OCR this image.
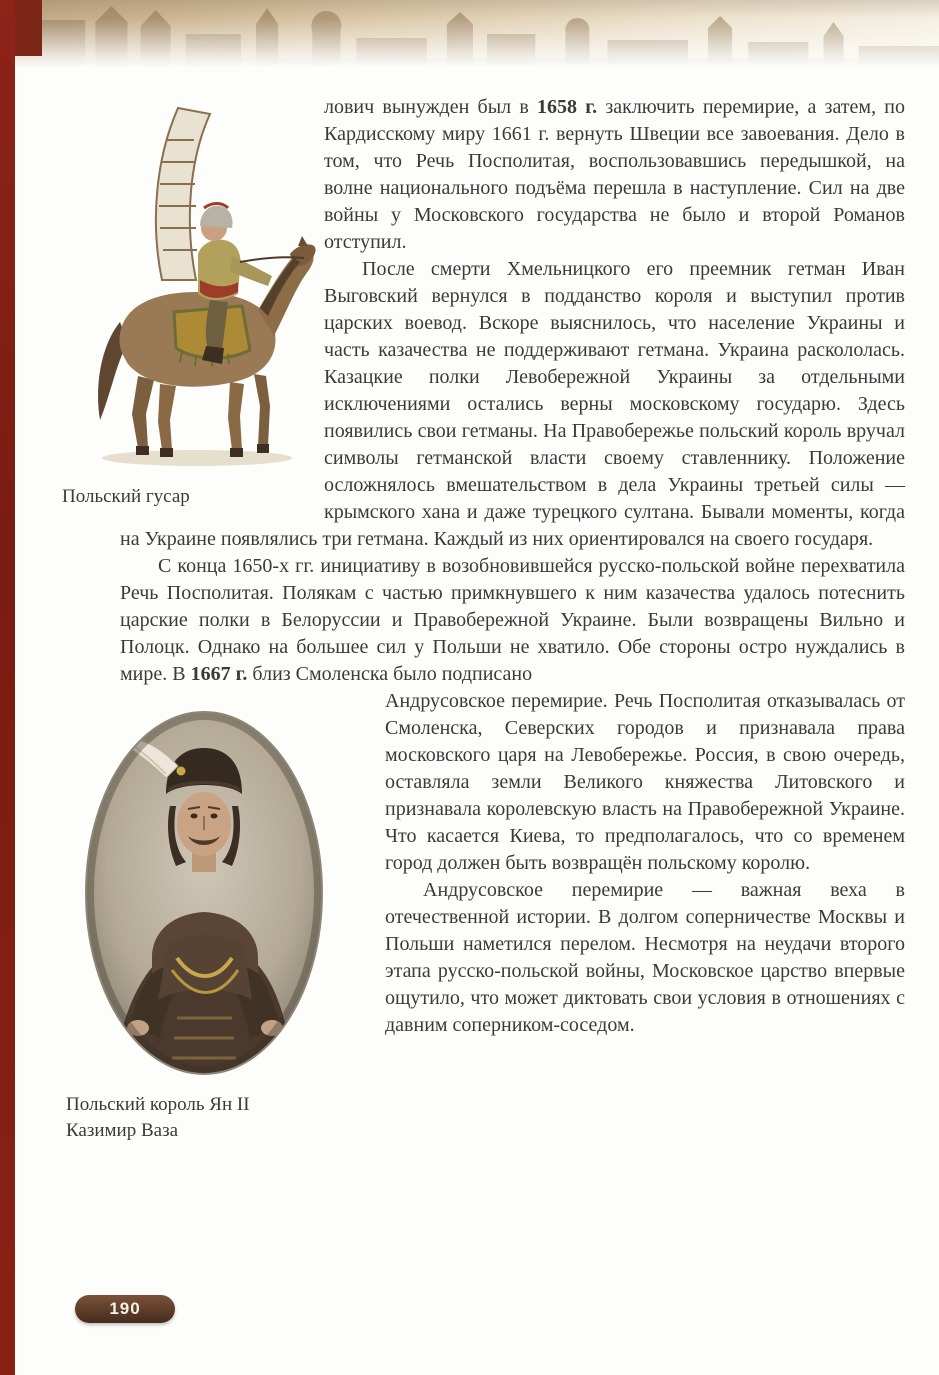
Польский гусар

лович вынужден был в 1658 г. заключить перемирие, а затем, по Кардисскому миру 1661 г. вернуть Швеции все завоевания. Дело в том, что Речь Посполитая, воспользовавшись передышкой, на волне национального подъёма перешла в наступление. Сил на две войны у Московского государства не было и второй Романов отступил.

После смерти Хмельницкого его преемник гетман Иван Выговский вернулся в подданство короля и выступил против царских воевод. Вскоре выяснилось, что население Украины и часть казачества не поддерживают гетмана. Украина раскололась. Казацкие полки Левобережной Украины за отдельными исключениями остались верны московскому государю. Здесь появились свои гетманы. На Правобережье польский король вручал символы гетманской власти своему ставленнику. Положение осложнялось вмешательством в дела Украины третьей силы — крымского хана и даже турецкого султана. Бывали моменты, когда на Украине появлялись три гетмана. Каждый из них ориентировался на своего государя.

С конца 1650-х гг. инициативу в возобновившейся русско-польской войне перехватила Речь Посполитая. Полякам с частью примкнувшего к ним казачества удалось потеснить царские полки в Белоруссии и Правобережной Украине. Были возвращены Вильно и Полоцк. Однако на большее сил у Польши не хватило. Обе стороны остро нуждались в мире. В 1667 г. близ Смоленска было подписано

Польский король Ян II
Казимир Ваза

Андрусовское перемирие. Речь Посполитая отказывалась от Смоленска, Северских городов и признавала права московского царя на Левобережье. Россия, в свою очередь, оставляла земли Великого княжества Литовского и признавала королевскую власть на Правобережной Украине. Что касается Киева, то предполагалось, что со временем город должен быть возвращён польскому королю.

Андрусовское перемирие — важная веха в отечественной истории. В долгом соперничестве Москвы и Польши наметился перелом. Несмотря на неудачи второго этапа русско-польской войны, Московское царство впервые ощутило, что может диктовать свои условия в отношениях с давним соперником-соседом.

190
